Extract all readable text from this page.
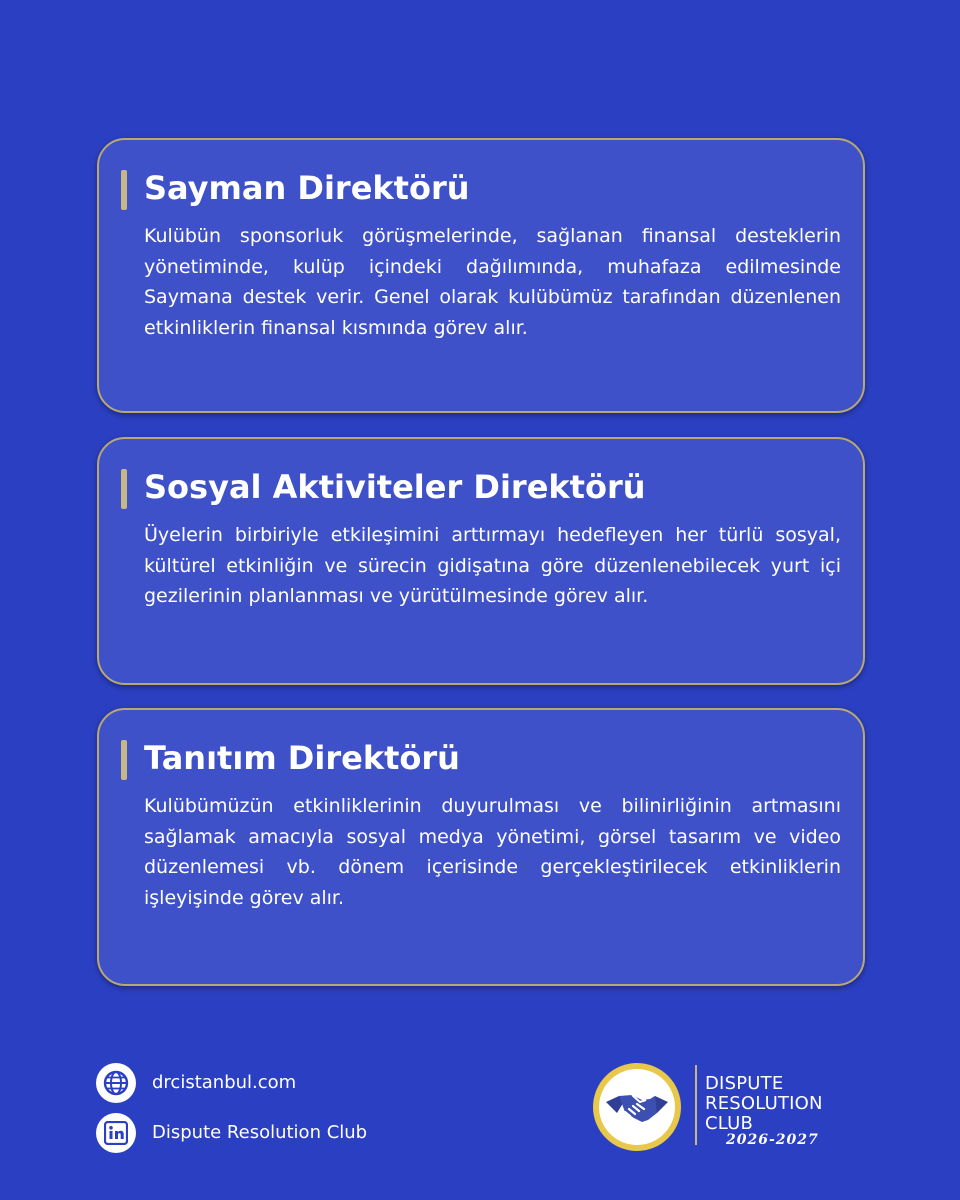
Sayman Direktörü
Kulübün sponsorluk görüşmelerinde, sağlanan finansal desteklerin yönetiminde, kulüp içindeki dağılımında, muhafaza edilmesinde Saymana destek verir. Genel olarak kulübümüz tarafından düzenlenen etkinliklerin finansal kısmında görev alır.
Sosyal Aktiviteler Direktörü
Üyelerin birbiriyle etkileşimini arttırmayı hedefleyen her türlü sosyal, kültürel etkinliğin ve sürecin gidişatına göre düzenlenebilecek yurt içi gezilerinin planlanması ve yürütülmesinde görev alır.
Tanıtım Direktörü
Kulübümüzün etkinliklerinin duyurulması ve bilinirliğinin artmasını sağlamak amacıyla sosyal medya yönetimi, görsel tasarım ve video düzenlemesi vb. dönem içerisinde gerçekleştirilecek etkinliklerin işleyişinde görev alır.
drcistanbul.com
Dispute Resolution Club
DISPUTE
RESOLUTION
CLUB
2026-2027
